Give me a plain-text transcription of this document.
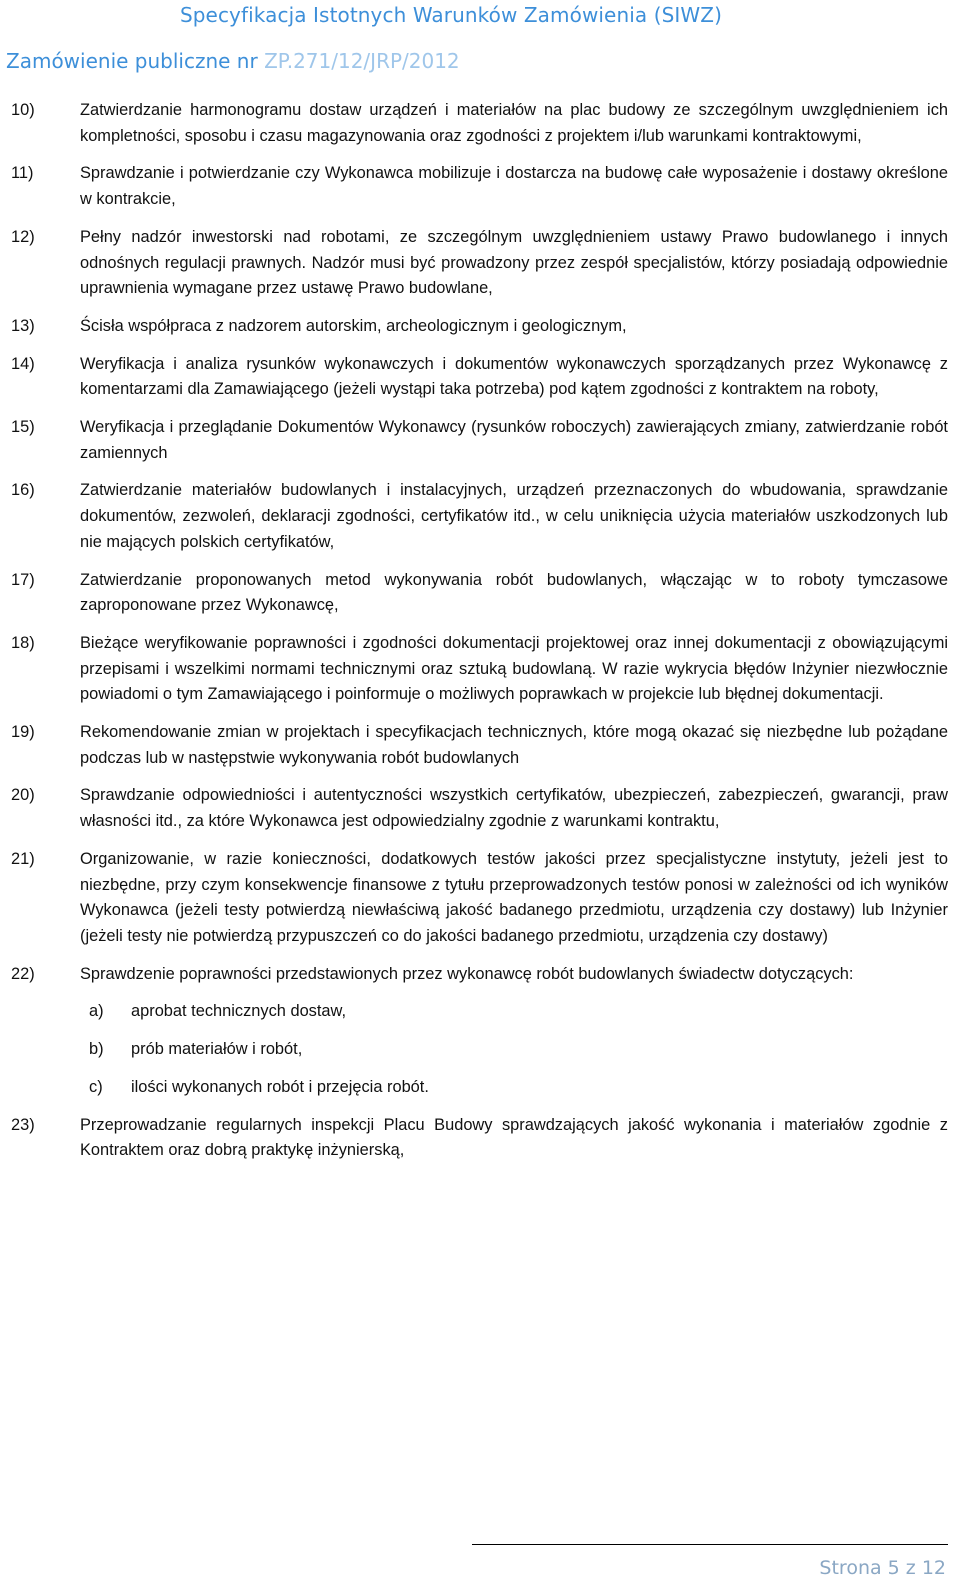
Specyfikacja Istotnych Warunków Zamówienia (SIWZ)
Zamówienie publiczne nr ZP.271/12/JRP/2012
10)	Zatwierdzanie harmonogramu dostaw urządzeń i materiałów na plac budowy ze szczególnym uwzględnieniem ich kompletności, sposobu i czasu magazynowania oraz zgodności z projektem i/lub warunkami kontraktowymi,
11)	Sprawdzanie i potwierdzanie czy Wykonawca mobilizuje i dostarcza na budowę całe wyposażenie i dostawy określone w kontrakcie,
12)	Pełny nadzór inwestorski nad robotami, ze szczególnym uwzględnieniem ustawy Prawo budowlanego i innych odnośnych regulacji prawnych. Nadzór musi być prowadzony przez zespół specjalistów, którzy posiadają odpowiednie uprawnienia wymagane przez ustawę Prawo budowlane,
13)	Ścisła współpraca z nadzorem autorskim, archeologicznym i geologicznym,
14)	Weryfikacja i analiza rysunków wykonawczych i dokumentów wykonawczych sporządzanych przez Wykonawcę z komentarzami dla Zamawiającego (jeżeli wystąpi taka potrzeba) pod kątem zgodności z kontraktem na roboty,
15)	Weryfikacja i przeglądanie Dokumentów Wykonawcy (rysunków roboczych) zawierających zmiany, zatwierdzanie robót zamiennych
16)	Zatwierdzanie materiałów budowlanych i instalacyjnych, urządzeń przeznaczonych do wbudowania, sprawdzanie dokumentów, zezwoleń, deklaracji zgodności, certyfikatów itd., w celu uniknięcia użycia materiałów uszkodzonych lub nie mających polskich certyfikatów,
17)	Zatwierdzanie proponowanych metod wykonywania robót budowlanych, włączając w to roboty tymczasowe zaproponowane przez Wykonawcę,
18)	Bieżące weryfikowanie poprawności i zgodności dokumentacji projektowej oraz innej dokumentacji z obowiązującymi przepisami i wszelkimi normami technicznymi oraz sztuką budowlaną. W razie wykrycia błędów Inżynier niezwłocznie powiadomi o tym Zamawiającego i poinformuje o możliwych poprawkach w projekcie lub błędnej dokumentacji.
19)	Rekomendowanie zmian w projektach i specyfikacjach technicznych, które mogą okazać się niezbędne lub pożądane podczas lub w następstwie wykonywania robót budowlanych
20)	Sprawdzanie odpowiedniości i autentyczności wszystkich certyfikatów, ubezpieczeń, zabezpieczeń, gwarancji, praw własności itd., za które Wykonawca jest odpowiedzialny zgodnie z warunkami kontraktu,
21)	Organizowanie, w razie konieczności, dodatkowych testów jakości przez specjalistyczne instytuty, jeżeli jest to niezbędne, przy czym konsekwencje finansowe z tytułu przeprowadzonych testów ponosi w zależności od ich wyników Wykonawca (jeżeli testy potwierdzą niewłaściwą jakość badanego przedmiotu, urządzenia czy dostawy) lub Inżynier (jeżeli testy nie potwierdzą przypuszczeń co do jakości badanego przedmiotu, urządzenia czy dostawy)
22)	Sprawdzenie poprawności przedstawionych przez wykonawcę robót budowlanych świadectw dotyczących:
a)	aprobat technicznych dostaw,
b)	prób materiałów i robót,
c)	ilości wykonanych robót i przejęcia robót.
23)	Przeprowadzanie regularnych inspekcji Placu Budowy sprawdzających jakość wykonania i materiałów zgodnie z Kontraktem oraz dobrą praktykę inżynierską,
Strona 5 z 12
